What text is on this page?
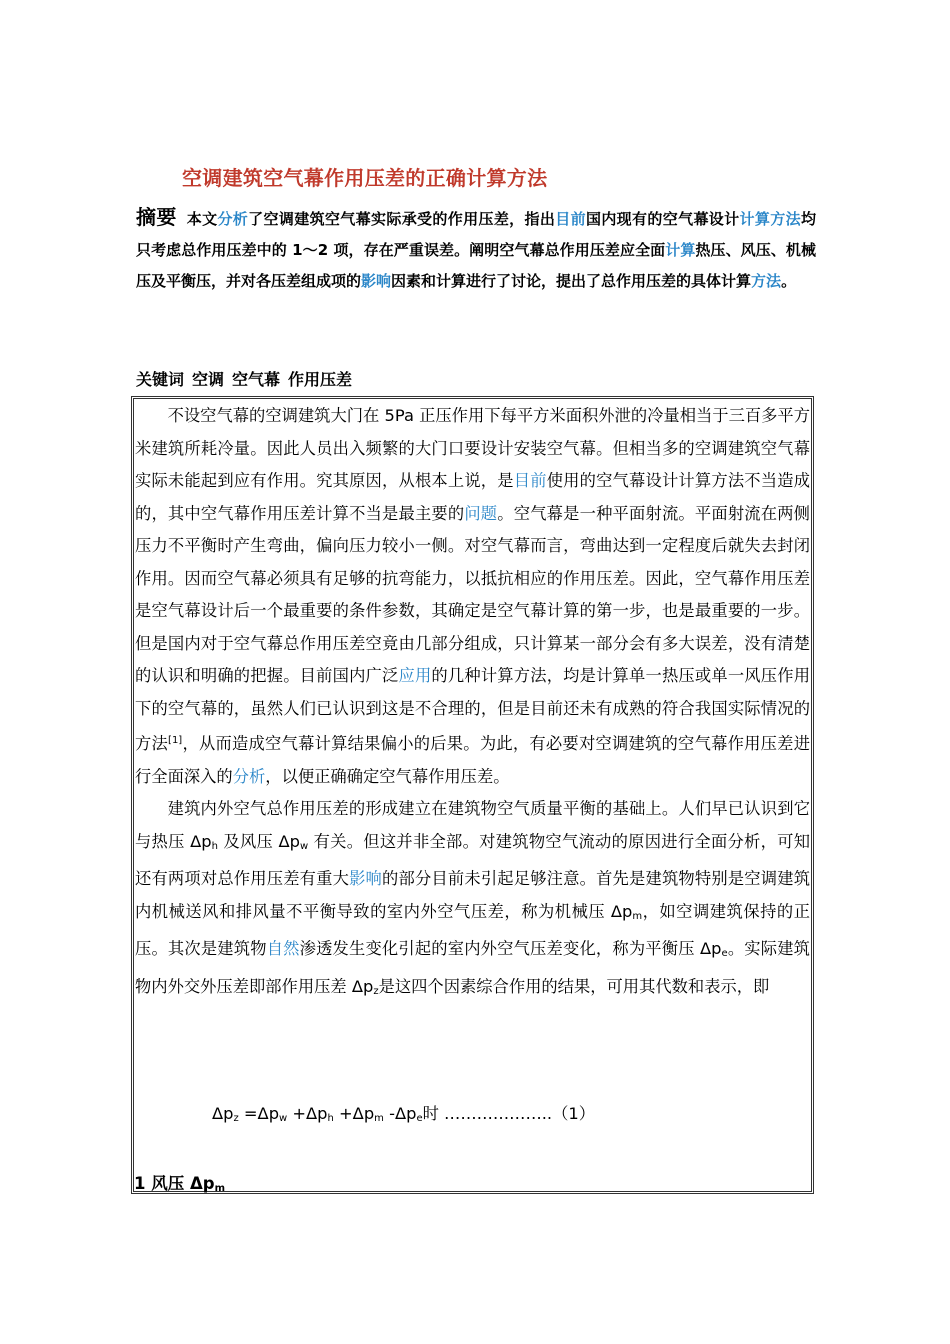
空调建筑空气幕作用压差的正确计算方法
摘要 本文分析了空调建筑空气幕实际承受的作用压差，指出目前国内现有的空气幕设计计算方法均只考虑总作用压差中的 1～2 项，存在严重误差。阐明空气幕总作用压差应全面计算热压、风压、机械压及平衡压，并对各压差组成项的影响因素和计算进行了讨论，提出了总作用压差的具体计算方法。
关键词 空调 空气幕 作用压差

不设空气幕的空调建筑大门在 5Pa 正压作用下每平方米面积外泄的冷量相当于三百多平方米建筑所耗冷量。因此人员出入频繁的大门口要设计安装空气幕。但相当多的空调建筑空气幕实际未能起到应有作用。究其原因，从根本上说，是目前使用的空气幕设计计算方法不当造成的，其中空气幕作用压差计算不当是最主要的问题。空气幕是一种平面射流。平面射流在两侧压力不平衡时产生弯曲，偏向压力较小一侧。对空气幕而言，弯曲达到一定程度后就失去封闭作用。因而空气幕必须具有足够的抗弯能力，以抵抗相应的作用压差。因此，空气幕作用压差是空气幕设计后一个最重要的条件参数，其确定是空气幕计算的第一步，也是最重要的一步。但是国内对于空气幕总作用压差空竟由几部分组成，只计算某一部分会有多大误差，没有清楚的认识和明确的把握。目前国内广泛应用的几种计算方法，均是计算单一热压或单一风压作用下的空气幕的，虽然人们已认识到这是不合理的，但是目前还未有成熟的符合我国实际情况的方法[1]，从而造成空气幕计算结果偏小的后果。为此，有必要对空调建筑的空气幕作用压差进行全面深入的分析，以便正确确定空气幕作用压差。

建筑内外空气总作用压差的形成建立在建筑物空气质量平衡的基础上。人们早已认识到它与热压 $\Delta p_h$ 及风压 $\Delta p_w$ 有关。但这并非全部。对建筑物空气流动的原因进行全面分析，可知还有两项对总作用压差有重大影响的部分目前未引起足够注意。首先是建筑物特别是空调建筑内机械送风和排风量不平衡导致的室内外空气压差，称为机械压 $\Delta p_m$，如空调建筑保持的正压。其次是建筑物自然渗透发生变化引起的室内外空气压差变化，称为平衡压 $\Delta p_e$。实际建筑物内外交外压差即部作用压差 $\Delta p_z$是这四个因素综合作用的结果，可用其代数和表示，即

$\Delta p_z =\Delta p_w +\Delta p_h +\Delta p_m$ $-\Delta p_e$时 ………………..（1）
1 风压 $\Delta p_m$
